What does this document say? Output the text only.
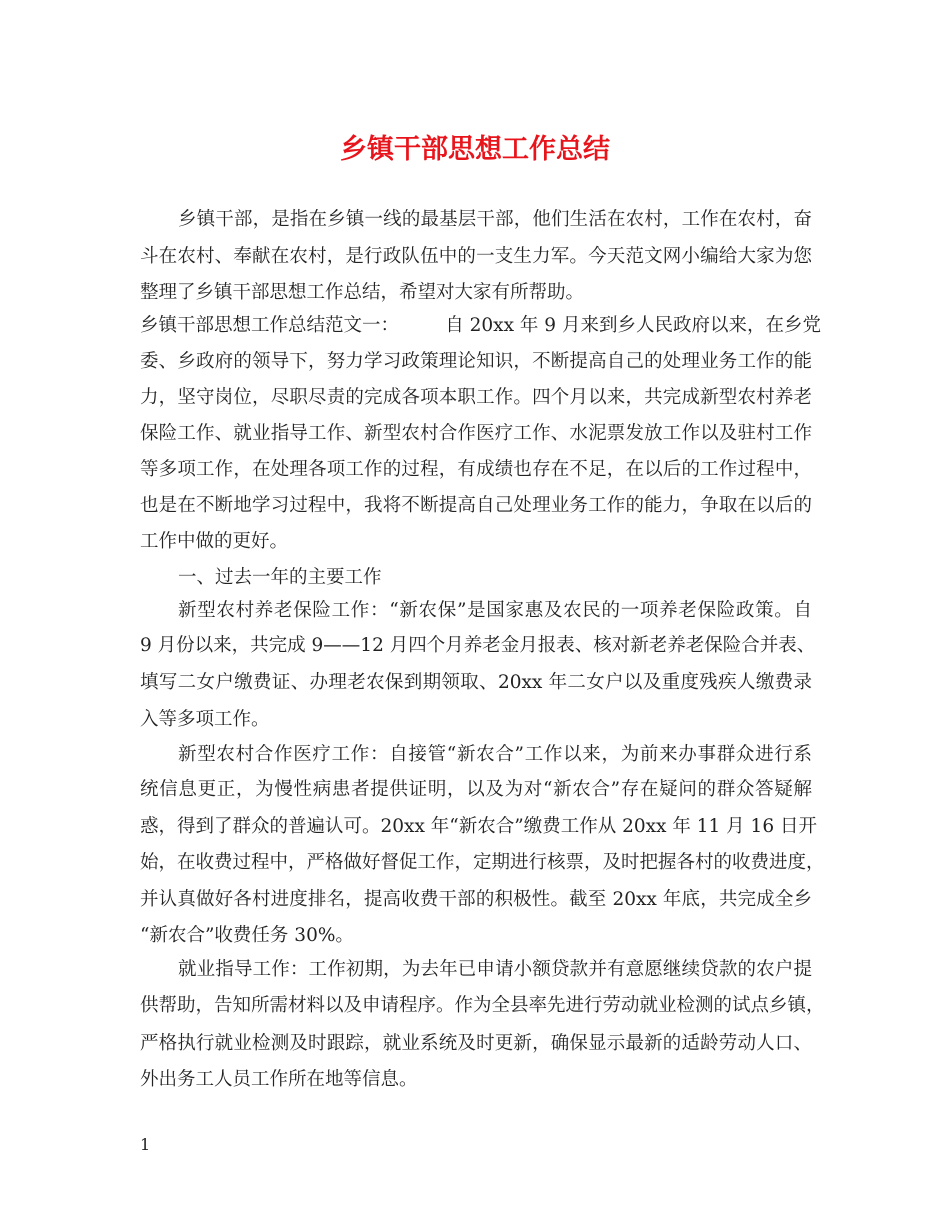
乡镇干部思想工作总结
乡镇干部，是指在乡镇一线的最基层干部，他们生活在农村，工作在农村，奋
斗在农村、奉献在农村，是行政队伍中的一支生力军。今天范文网小编给大家为您
整理了乡镇干部思想工作总结，希望对大家有所帮助。
乡镇干部思想工作总结范文一：　　　自 20xx 年 9 月来到乡人民政府以来，在乡党
委、乡政府的领导下，努力学习政策理论知识，不断提高自己的处理业务工作的能
力，坚守岗位，尽职尽责的完成各项本职工作。四个月以来，共完成新型农村养老
保险工作、就业指导工作、新型农村合作医疗工作、水泥票发放工作以及驻村工作
等多项工作，在处理各项工作的过程，有成绩也存在不足，在以后的工作过程中，
也是在不断地学习过程中，我将不断提高自己处理业务工作的能力，争取在以后的
工作中做的更好。
一、过去一年的主要工作
新型农村养老保险工作：“新农保”是国家惠及农民的一项养老保险政策。自
9 月份以来，共完成 9——12 月四个月养老金月报表、核对新老养老保险合并表、
填写二女户缴费证、办理老农保到期领取、20xx 年二女户以及重度残疾人缴费录
入等多项工作。
新型农村合作医疗工作：自接管“新农合”工作以来，为前来办事群众进行系
统信息更正，为慢性病患者提供证明，以及为对“新农合”存在疑问的群众答疑解
惑，得到了群众的普遍认可。20xx 年“新农合”缴费工作从 20xx 年 11 月 16 日开
始，在收费过程中，严格做好督促工作，定期进行核票，及时把握各村的收费进度，
并认真做好各村进度排名，提高收费干部的积极性。截至 20xx 年底，共完成全乡
“新农合”收费任务 30%。
就业指导工作：工作初期，为去年已申请小额贷款并有意愿继续贷款的农户提
供帮助，告知所需材料以及申请程序。作为全县率先进行劳动就业检测的试点乡镇，
严格执行就业检测及时跟踪，就业系统及时更新，确保显示最新的适龄劳动人口、
外出务工人员工作所在地等信息。
1
